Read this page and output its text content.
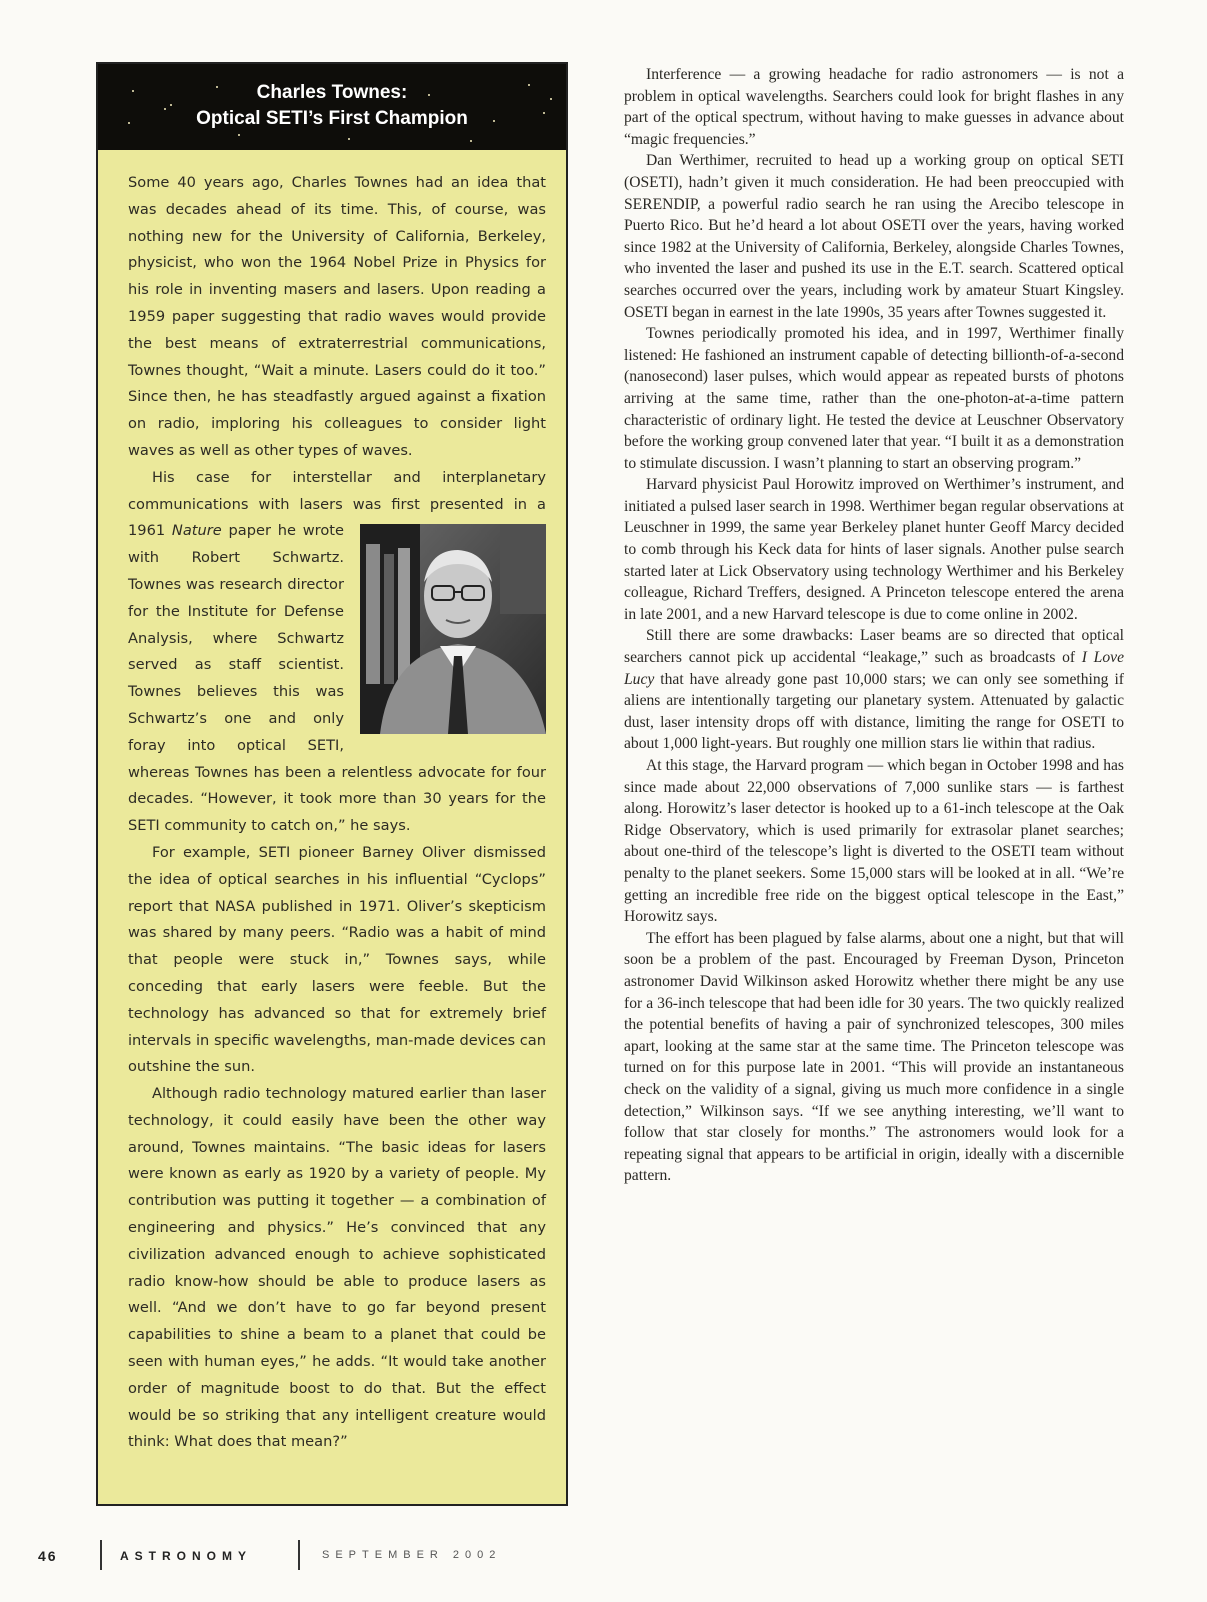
Charles Townes:
Optical SETI’s First Champion

Some 40 years ago, Charles Townes had an idea that was decades ahead of its time. This, of course, was nothing new for the University of California, Berkeley, physicist, who won the 1964 Nobel Prize in Physics for his role in inventing masers and lasers. Upon reading a 1959 paper suggesting that radio waves would provide the best means of extraterrestrial communications, Townes thought, “Wait a minute. Lasers could do it too.” Since then, he has steadfastly argued against a fixation on radio, imploring his colleagues to consider light waves as well as other types of waves.

His case for interstellar and interplanetary communications with lasers was first presented in a 1961 Nature
paper he wrote with Robert Schwartz. Townes was research director for the Institute for Defense Analysis, where Schwartz served as staff scientist. Townes believes this was Schwartz’s one and only foray into optical SETI, whereas Townes has been a relentless advocate for four decades. “However, it took more than 30 years for the SETI community to catch on,” he says.

For example, SETI pioneer Barney Oliver dismissed the idea of optical searches in his influential “Cyclops” report that NASA published in 1971. Oliver’s skepticism was shared by many peers. “Radio was a habit of mind that people were stuck in,” Townes says, while conceding that early lasers were feeble. But the technology has advanced so that for extremely brief intervals in specific wavelengths, man-made devices can outshine the sun.

Although radio technology matured earlier than laser technology, it could easily have been the other way around, Townes maintains. “The basic ideas for lasers were known as early as 1920 by a variety of people. My contribution was putting it together — a combination of engineering and physics.” He’s convinced that any civilization advanced enough to achieve sophisticated radio know-how should be able to produce lasers as well. “And we don’t have to go far beyond present capabilities to shine a beam to a planet that could be seen with human eyes,” he adds. “It would take another order of magnitude boost to do that. But the effect would be so striking that any intelligent creature would think: What does that mean?”

Interference — a growing headache for radio astronomers — is not a problem in optical wavelengths. Searchers could look for bright flashes in any part of the optical spectrum, without having to make guesses in advance about “magic frequencies.”

Dan Werthimer, recruited to head up a working group on optical SETI (OSETI), hadn’t given it much consideration. He had been preoccupied with SERENDIP, a powerful radio search he ran using the Arecibo telescope in Puerto Rico. But he’d heard a lot about OSETI over the years, having worked since 1982 at the University of California, Berkeley, alongside Charles Townes, who invented the laser and pushed its use in the E.T. search. Scattered optical searches occurred over the years, including work by amateur Stuart Kingsley. OSETI began in earnest in the late 1990s, 35 years after Townes suggested it.

Townes periodically promoted his idea, and in 1997, Werthimer finally listened: He fashioned an instrument capable of detecting billionth-of-a-second (nanosecond) laser pulses, which would appear as repeated bursts of photons arriving at the same time, rather than the one-photon-at-a-time pattern characteristic of ordinary light. He tested the device at Leuschner Observatory before the working group convened later that year. “I built it as a demonstration to stimulate discussion. I wasn’t planning to start an observing program.”

Harvard physicist Paul Horowitz improved on Werthimer’s instrument, and initiated a pulsed laser search in 1998. Werthimer began regular observations at Leuschner in 1999, the same year Berkeley planet hunter Geoff Marcy decided to comb through his Keck data for hints of laser signals. Another pulse search started later at Lick Observatory using technology Werthimer and his Berkeley colleague, Richard Treffers, designed. A Princeton telescope entered the arena in late 2001, and a new Harvard telescope is due to come online in 2002.

Still there are some drawbacks: Laser beams are so directed that optical searchers cannot pick up accidental “leakage,” such as broadcasts of I Love Lucy that have already gone past 10,000 stars; we can only see something if aliens are intentionally targeting our planetary system. Attenuated by galactic dust, laser intensity drops off with distance, limiting the range for OSETI to about 1,000 light-years. But roughly one million stars lie within that radius.

At this stage, the Harvard program — which began in October 1998 and has since made about 22,000 observations of 7,000 sunlike stars — is farthest along. Horowitz’s laser detector is hooked up to a 61-inch telescope at the Oak Ridge Observatory, which is used primarily for extrasolar planet searches; about one-third of the telescope’s light is diverted to the OSETI team without penalty to the planet seekers. Some 15,000 stars will be looked at in all. “We’re getting an incredible free ride on the biggest optical telescope in the East,” Horowitz says.

The effort has been plagued by false alarms, about one a night, but that will soon be a problem of the past. Encouraged by Freeman Dyson, Princeton astronomer David Wilkinson asked Horowitz whether there might be any use for a 36-inch telescope that had been idle for 30 years. The two quickly realized the potential benefits of having a pair of synchronized telescopes, 300 miles apart, looking at the same star at the same time. The Princeton telescope was turned on for this purpose late in 2001. “This will provide an instantaneous check on the validity of a signal, giving us much more confidence in a single detection,” Wilkinson says. “If we see anything interesting, we’ll want to follow that star closely for months.” The astronomers would look for a repeating signal that appears to be artificial in origin, ideally with a discernible pattern.

46	ASTRONOMY	SEPTEMBER 2002
